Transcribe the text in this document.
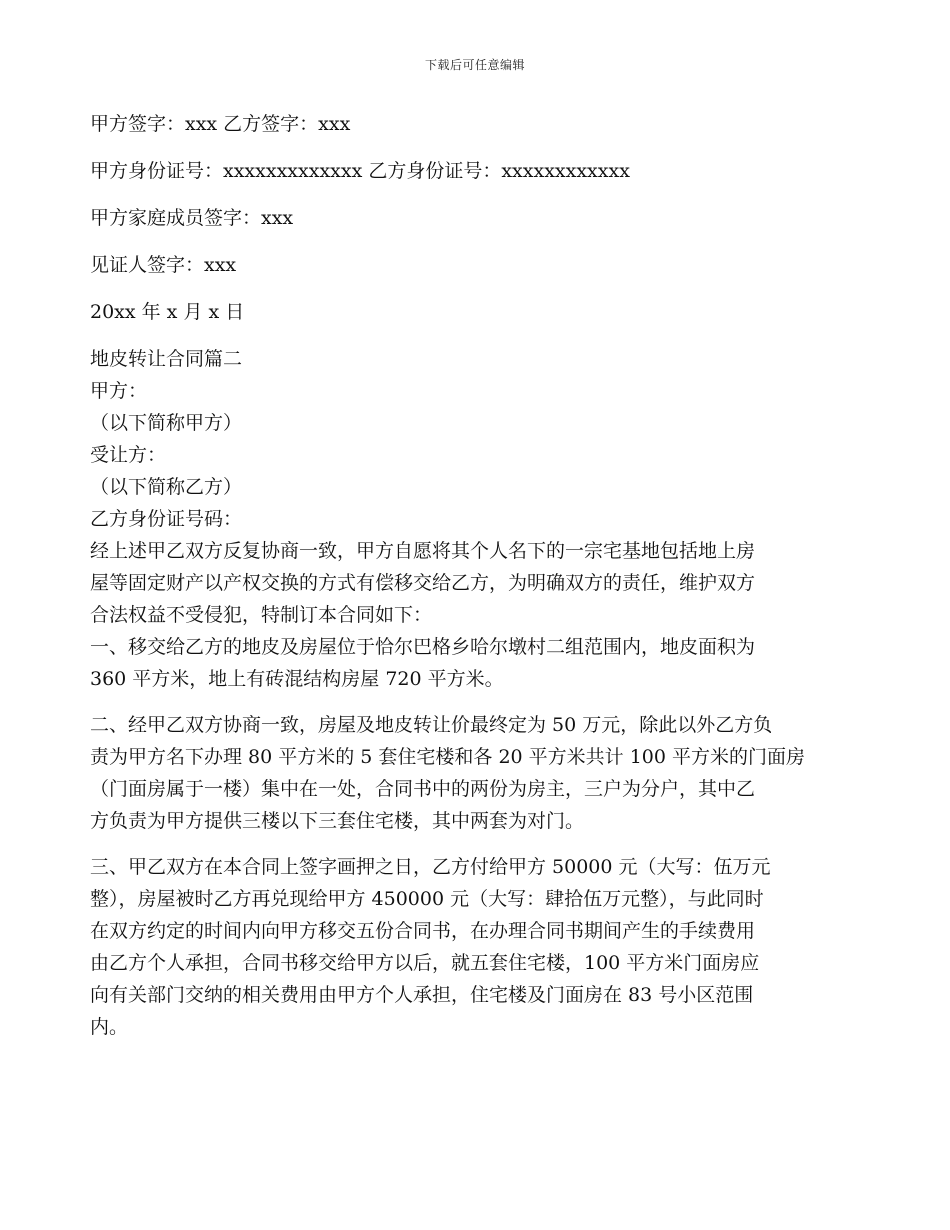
下载后可任意编辑

甲方签字：xxx 乙方签字：xxx

甲方身份证号：xxxxxxxxxxxxx 乙方身份证号：xxxxxxxxxxxx

甲方家庭成员签字：xxx

见证人签字：xxx

20xx 年 x 月 x 日

地皮转让合同篇二

甲方：

（以下简称甲方）

受让方：

（以下简称乙方）

乙方身份证号码：

经上述甲乙双方反复协商一致，甲方自愿将其个人名下的一宗宅基地包括地上房
屋等固定财产以产权交换的方式有偿移交给乙方，为明确双方的责任，维护双方
合法权益不受侵犯，特制订本合同如下：
一、移交给乙方的地皮及房屋位于恰尔巴格乡哈尔墩村二组范围内，地皮面积为
360 平方米，地上有砖混结构房屋 720 平方米。
二、经甲乙双方协商一致，房屋及地皮转让价最终定为 50 万元，除此以外乙方负
责为甲方名下办理 80 平方米的 5 套住宅楼和各 20 平方米共计 100 平方米的门面房
（门面房属于一楼）集中在一处，合同书中的两份为房主，三户为分户，其中乙
方负责为甲方提供三楼以下三套住宅楼，其中两套为对门。
三、甲乙双方在本合同上签字画押之日，乙方付给甲方 50000 元（大写：伍万元
整），房屋被时乙方再兑现给甲方 450000 元（大写：肆拾伍万元整），与此同时
在双方约定的时间内向甲方移交五份合同书，在办理合同书期间产生的手续费用
由乙方个人承担，合同书移交给甲方以后，就五套住宅楼，100 平方米门面房应
向有关部门交纳的相关费用由甲方个人承担，住宅楼及门面房在 83 号小区范围
内。
